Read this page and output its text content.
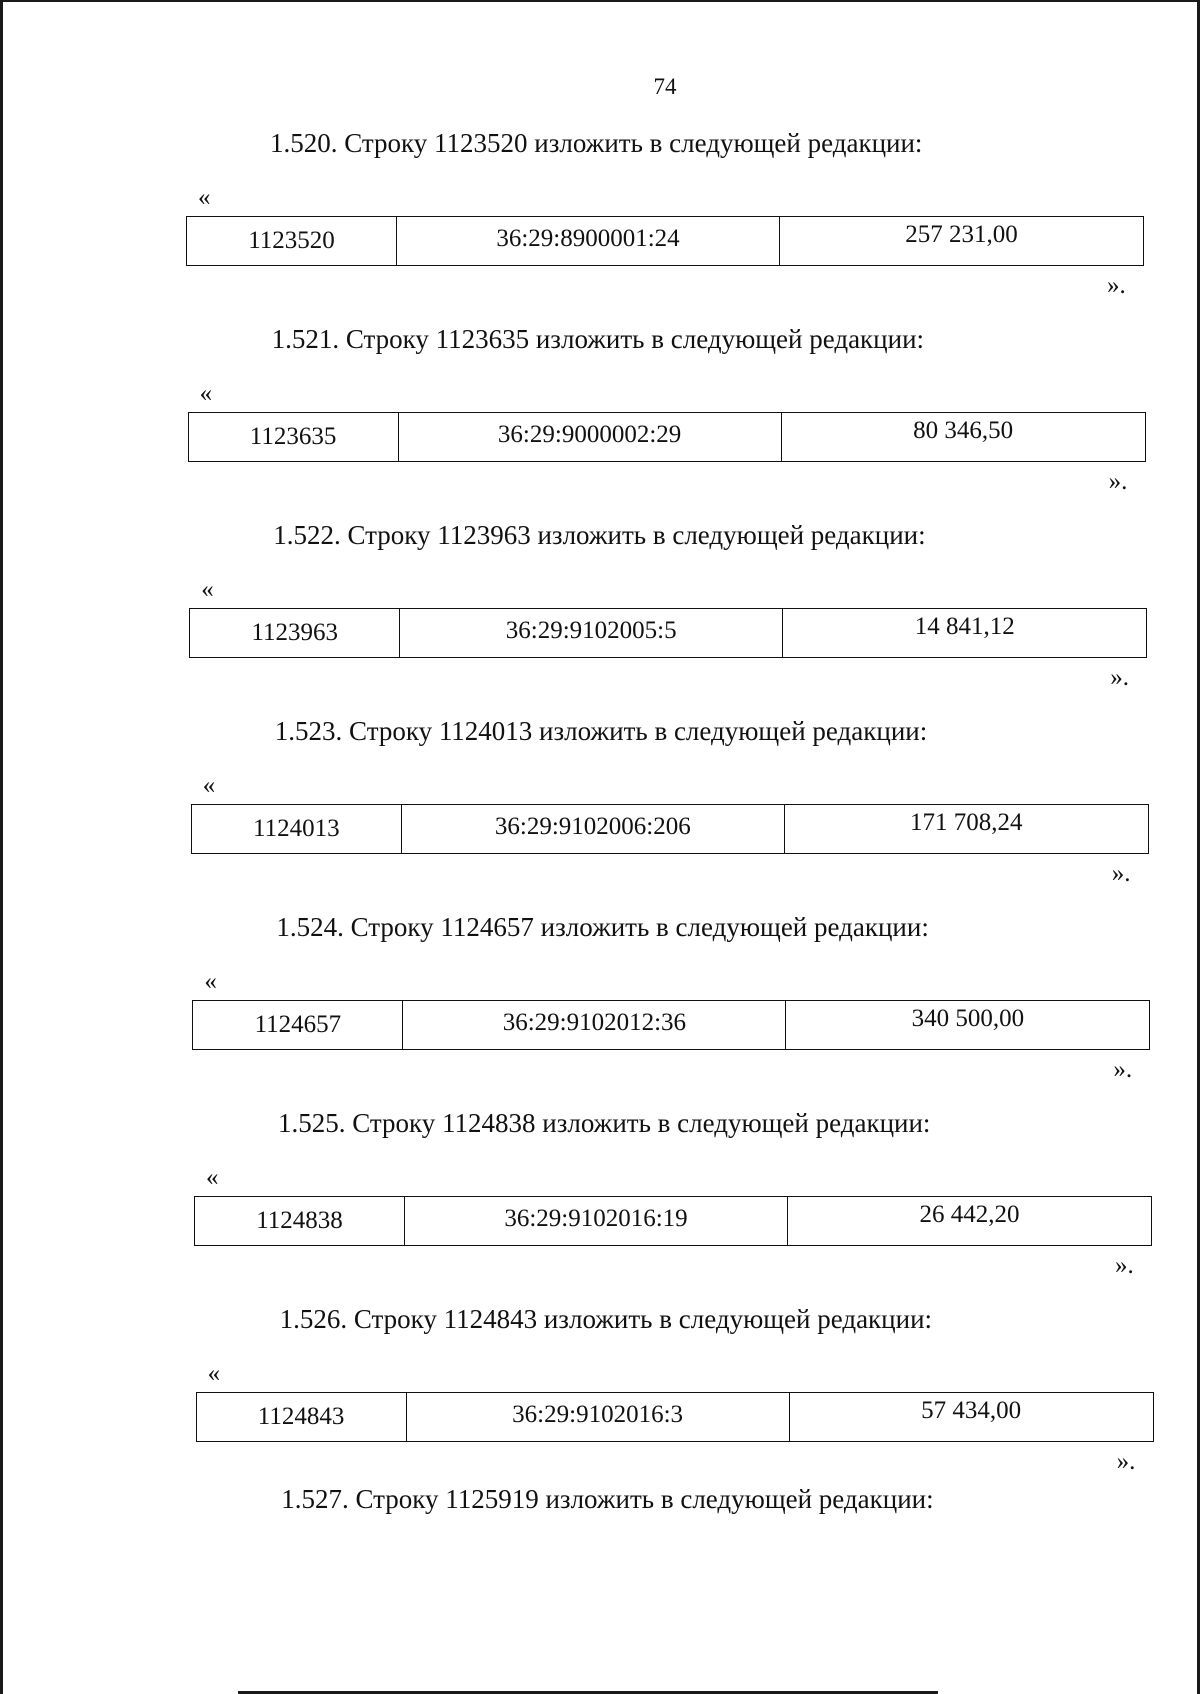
74
1.520. Строку 1123520 изложить в следующей редакции:
«
1123520	36:29:8900001:24	257 231,00
».
1.521. Строку 1123635 изложить в следующей редакции:
«
1123635	36:29:9000002:29	80 346,50
».
1.522. Строку 1123963 изложить в следующей редакции:
«
1123963	36:29:9102005:5	14 841,12
».
1.523. Строку 1124013 изложить в следующей редакции:
«
1124013	36:29:9102006:206	171 708,24
».
1.524. Строку 1124657 изложить в следующей редакции:
«
1124657	36:29:9102012:36	340 500,00
».
1.525. Строку 1124838 изложить в следующей редакции:
«
1124838	36:29:9102016:19	26 442,20
».
1.526. Строку 1124843 изложить в следующей редакции:
«
1124843	36:29:9102016:3	57 434,00
».
1.527. Строку 1125919 изложить в следующей редакции:
